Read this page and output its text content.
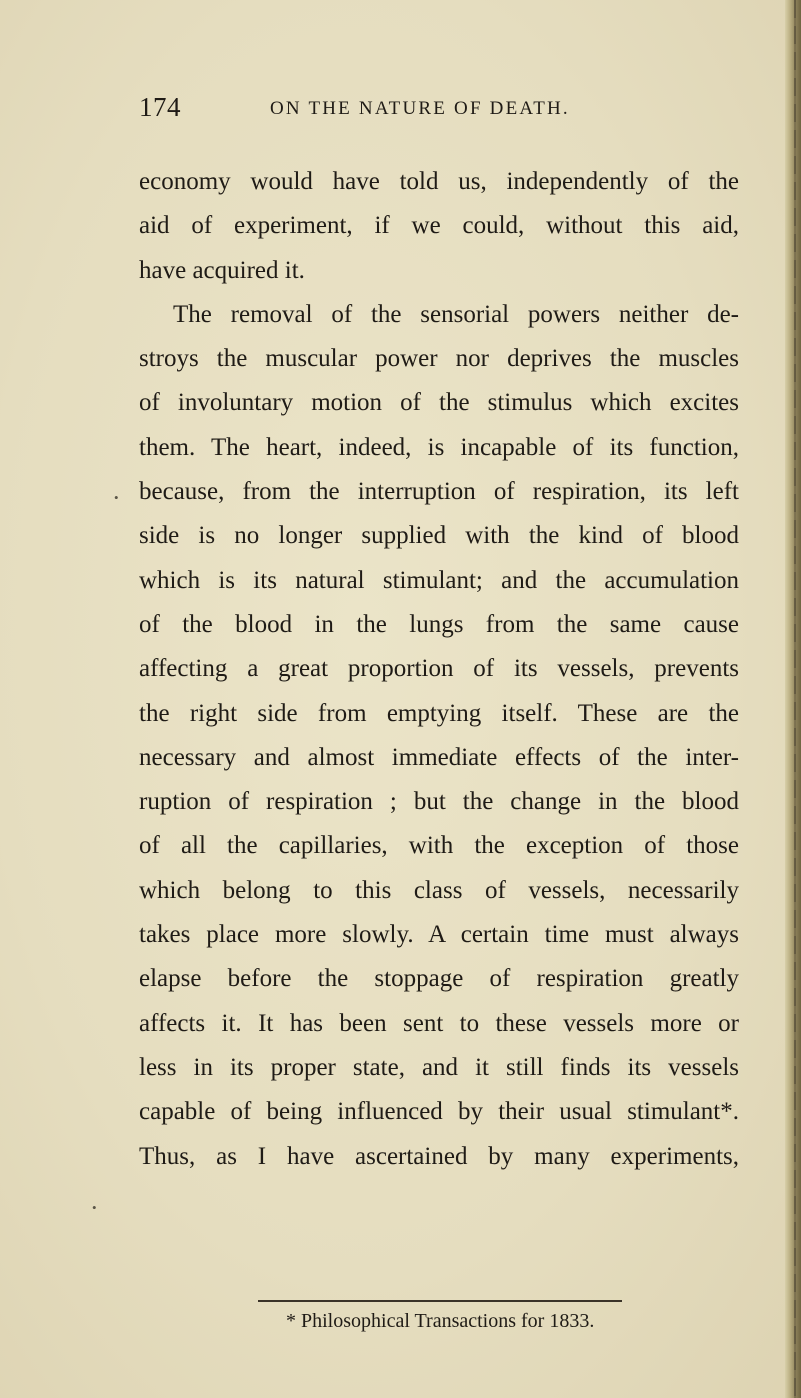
174	ON THE NATURE OF DEATH.
economy would have told us, independently of the
aid of experiment, if we could, without this aid,
have acquired it.
The removal of the sensorial powers neither de-
stroys the muscular power nor deprives the muscles
of involuntary motion of the stimulus which excites
them. The heart, indeed, is incapable of its function,
because, from the interruption of respiration, its left
side is no longer supplied with the kind of blood
which is its natural stimulant; and the accumulation
of the blood in the lungs from the same cause
affecting a great proportion of its vessels, prevents
the right side from emptying itself. These are the
necessary and almost immediate effects of the inter-
ruption of respiration ; but the change in the blood
of all the capillaries, with the exception of those
which belong to this class of vessels, necessarily
takes place more slowly. A certain time must always
elapse before the stoppage of respiration greatly
affects it. It has been sent to these vessels more or
less in its proper state, and it still finds its vessels
capable of being influenced by their usual stimulant*.
Thus, as I have ascertained by many experiments,
* Philosophical Transactions for 1833.
•
•
